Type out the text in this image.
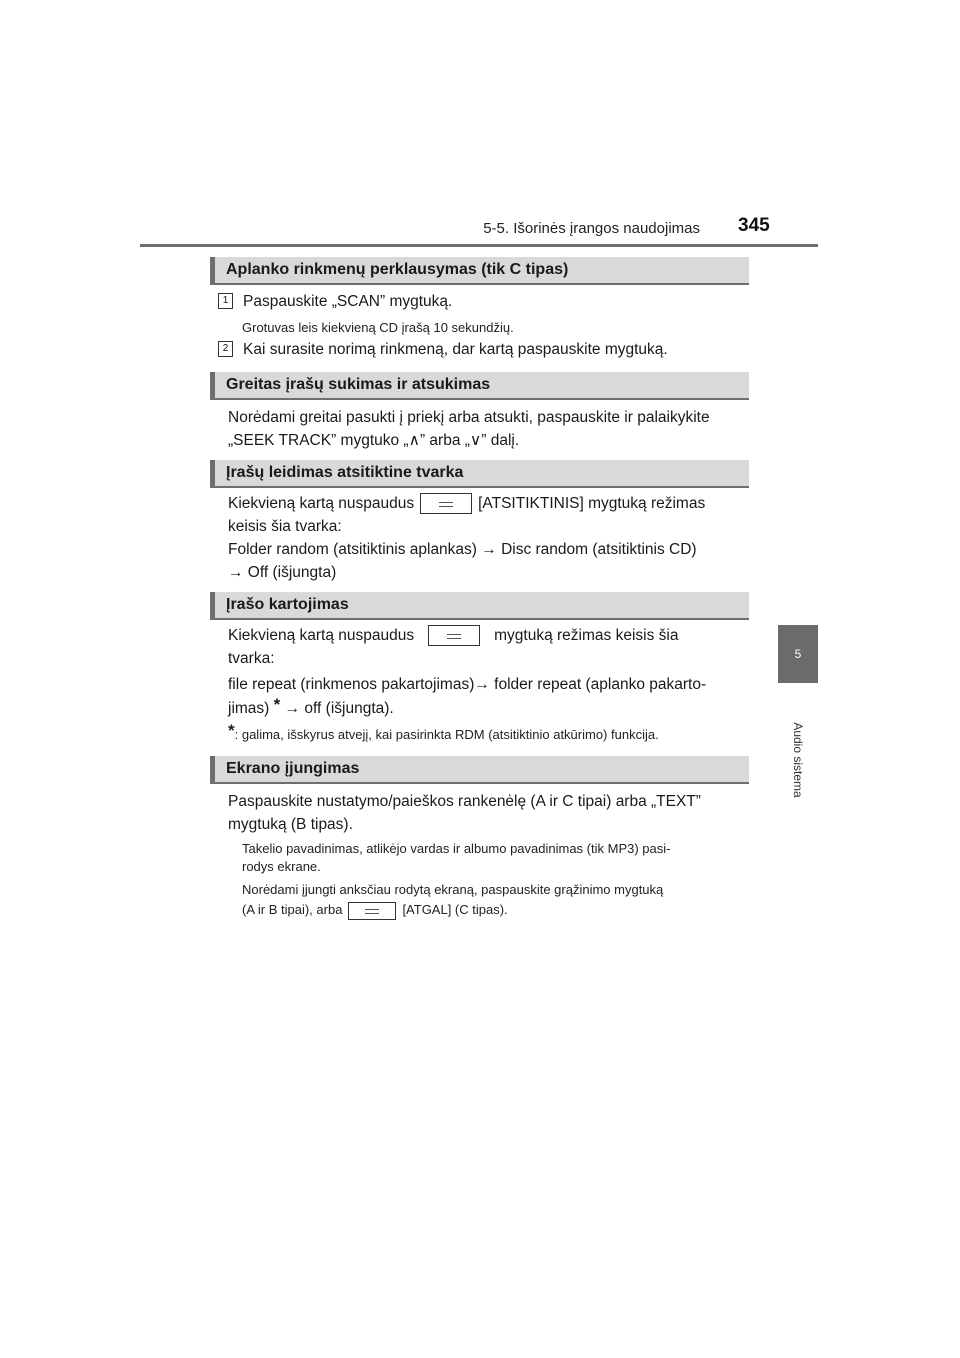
5-5. Išorinės įrangos naudojimas 345
5
Audio sistema
Aplanko rinkmenų perklausymas (tik C tipas)
1 Paspauskite „SCAN” mygtuką.
Grotuvas leis kiekvieną CD įrašą 10 sekundžių.
2 Kai surasite norimą rinkmeną, dar kartą paspauskite mygtuką.
Greitas įrašų sukimas ir atsukimas
Norėdami greitai pasukti į priekį arba atsukti, paspauskite ir palaikykite
„SEEK TRACK” mygtuko „∧” arba „∨” dalį.
Įrašų leidimas atsitiktine tvarka
Kiekvieną kartą nuspaudus	[ATSITIKTINIS] mygtuką režimas
keisis šia tvarka:
Folder random (atsitiktinis aplankas) → Disc random (atsitiktinis CD)
→ Off (išjungta)
Įrašo kartojimas
Kiekvieną kartą nuspaudus	mygtuką režimas keisis šia
tvarka:
file repeat (rinkmenos pakartojimas)→ folder repeat (aplanko pakarto-
jimas) * → off (išjungta).
*: galima, išskyrus atvejį, kai pasirinkta RDM (atsitiktinio atkūrimo) funkcija.
Ekrano įjungimas
Paspauskite nustatymo/paieškos rankenėlę (A ir C tipai) arba „TEXT”
mygtuką (B tipas).
Takelio pavadinimas, atlikėjo vardas ir albumo pavadinimas (tik MP3) pasi-
rodys ekrane.
Norėdami įjungti anksčiau rodytą ekraną, paspauskite grąžinimo mygtuką
(A ir B tipai), arba	[ATGAL] (C tipas).
